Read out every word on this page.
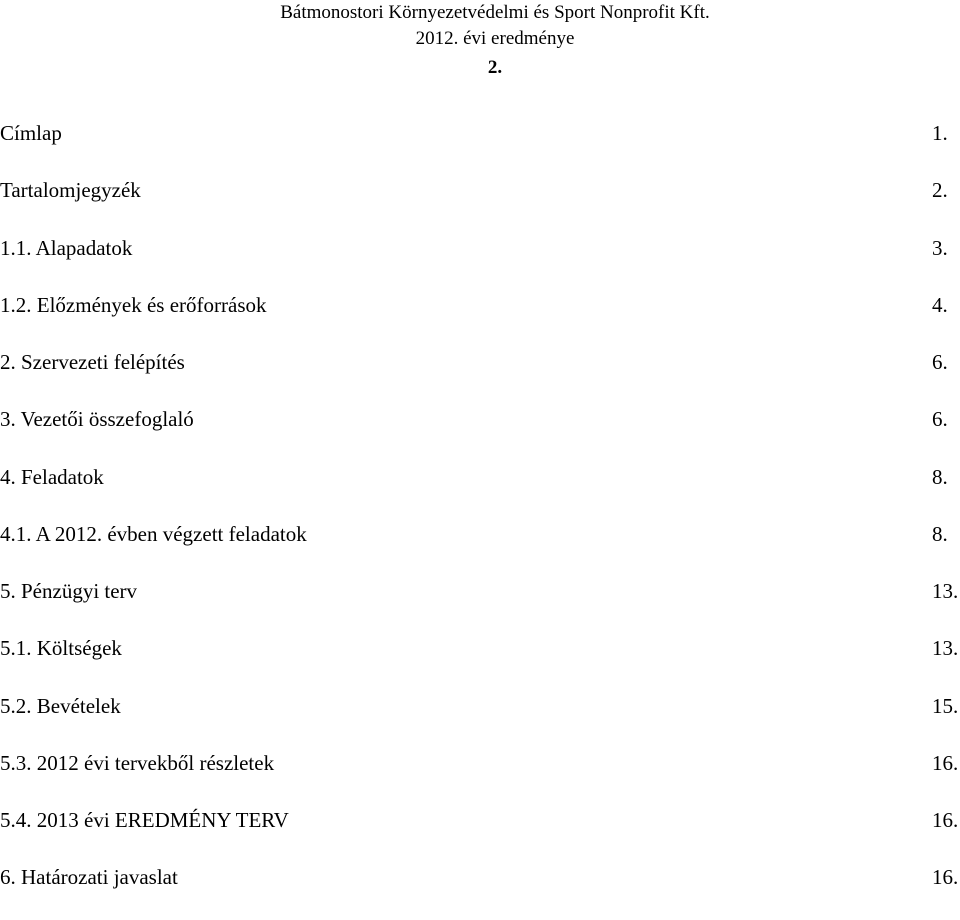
Bátmonostori Környezetvédelmi és Sport Nonprofit Kft.
2012. évi eredménye
2.
Címlap	1.
Tartalomjegyzék	2.
1.1. Alapadatok	3.
1.2. Előzmények és erőforrások	4.
2. Szervezeti felépítés	6.
3. Vezetői összefoglaló	6.
4. Feladatok	8.
4.1. A 2012. évben végzett feladatok	8.
5. Pénzügyi terv	13.
5.1. Költségek	13.
5.2. Bevételek	15.
5.3. 2012 évi tervekből részletek	16.
5.4. 2013 évi EREDMÉNY TERV	16.
6. Határozati javaslat	16.
